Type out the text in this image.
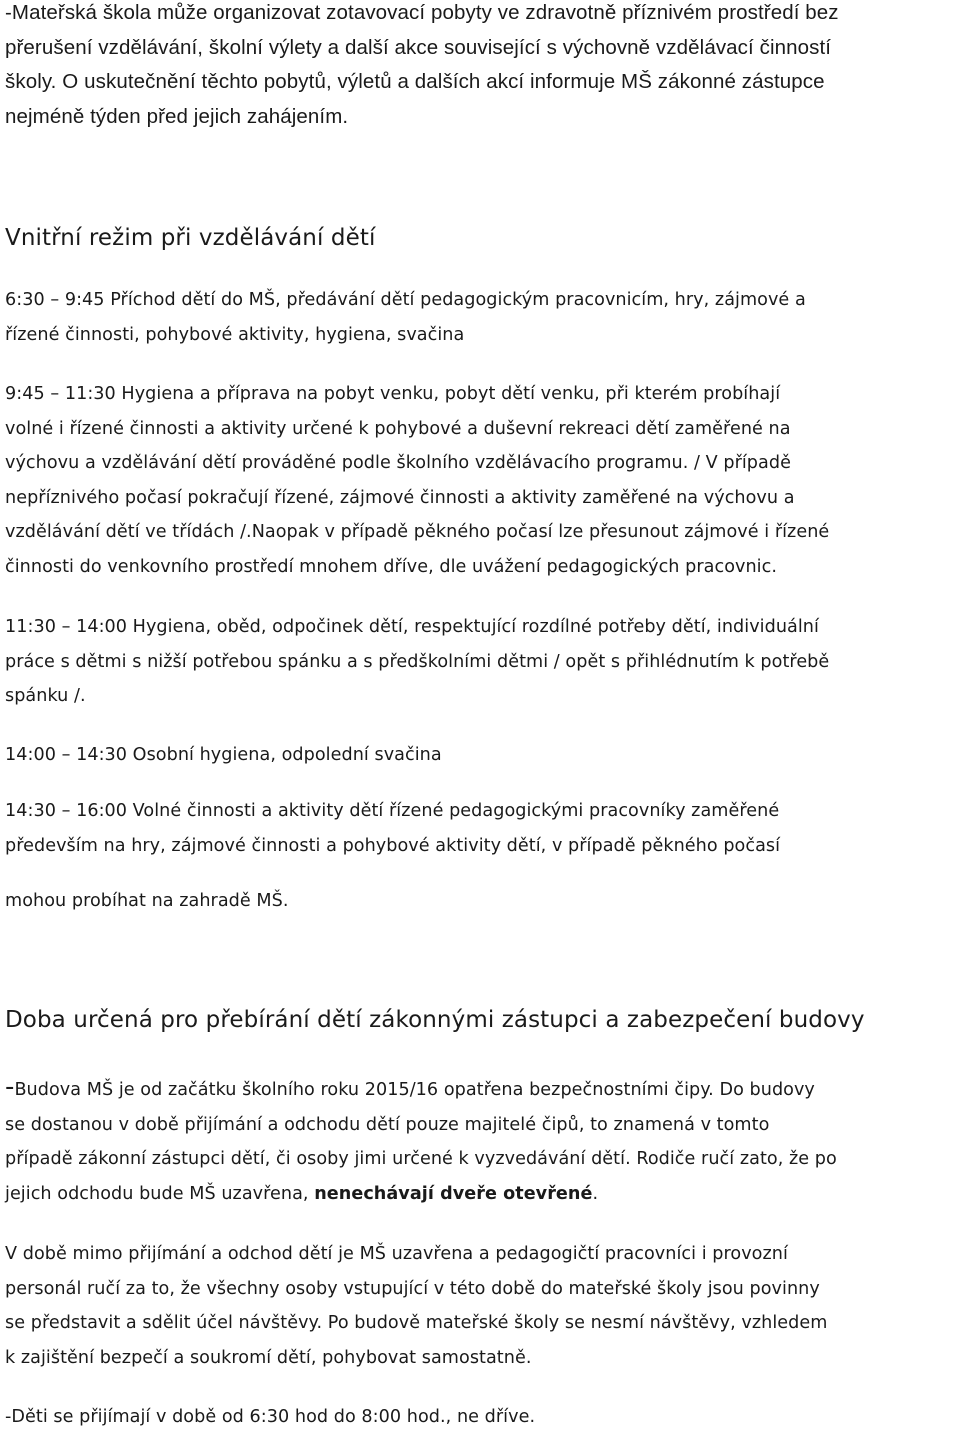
-Mateřská škola může organizovat zotavovací pobyty ve zdravotně příznivém prostředí bez
přerušení vzdělávání, školní výlety a další akce související s výchovně vzdělávací činností
školy. O uskutečnění těchto pobytů, výletů a dalších akcí informuje MŠ zákonné zástupce
nejméně týden před jejich zahájením.

Vnitřní režim při vzdělávání dětí

6:30 – 9:45 Příchod dětí do MŠ, předávání dětí pedagogickým pracovnicím, hry, zájmové a
řízené činnosti, pohybové aktivity, hygiena, svačina

9:45 – 11:30 Hygiena a příprava na pobyt venku, pobyt dětí venku, při kterém probíhají
volné i řízené činnosti a aktivity určené k pohybové a duševní rekreaci dětí zaměřené na
výchovu a vzdělávání dětí prováděné podle školního vzdělávacího programu. / V případě
nepříznivého počasí pokračují řízené, zájmové činnosti a aktivity zaměřené na výchovu a
vzdělávání dětí ve třídách /.Naopak v případě pěkného počasí lze přesunout zájmové i řízené
činnosti do venkovního prostředí mnohem dříve, dle uvážení pedagogických pracovnic.

11:30 – 14:00 Hygiena, oběd, odpočinek dětí, respektující rozdílné potřeby dětí, individuální
práce s dětmi s nižší potřebou spánku a s předškolními dětmi / opět s přihlédnutím k potřebě
spánku /.

14:00 – 14:30 Osobní hygiena, odpolední svačina

14:30 – 16:00 Volné činnosti a aktivity dětí řízené pedagogickými pracovníky zaměřené
především na hry, zájmové činnosti a pohybové aktivity dětí, v případě pěkného počasí

mohou probíhat na zahradě MŠ.

Doba určená pro přebírání dětí zákonnými zástupci a zabezpečení budovy

-Budova MŠ je od začátku školního roku 2015/16 opatřena bezpečnostními čipy. Do budovy
se dostanou v době přijímání a odchodu dětí pouze majitelé čipů, to znamená v tomto
případě zákonní zástupci dětí, či osoby jimi určené k vyzvedávání dětí. Rodiče ručí zato, že po
jejich odchodu bude MŠ uzavřena, nenechávají dveře otevřené.

V době mimo přijímání a odchod dětí je MŠ uzavřena a pedagogičtí pracovníci i provozní
personál ručí za to, že všechny osoby vstupující v této době do mateřské školy jsou povinny
se představit a sdělit účel návštěvy. Po budově mateřské školy se nesmí návštěvy, vzhledem
k zajištění bezpečí a soukromí dětí, pohybovat samostatně.

-Děti se přijímají v době od 6:30 hod do 8:00 hod., ne dříve.
